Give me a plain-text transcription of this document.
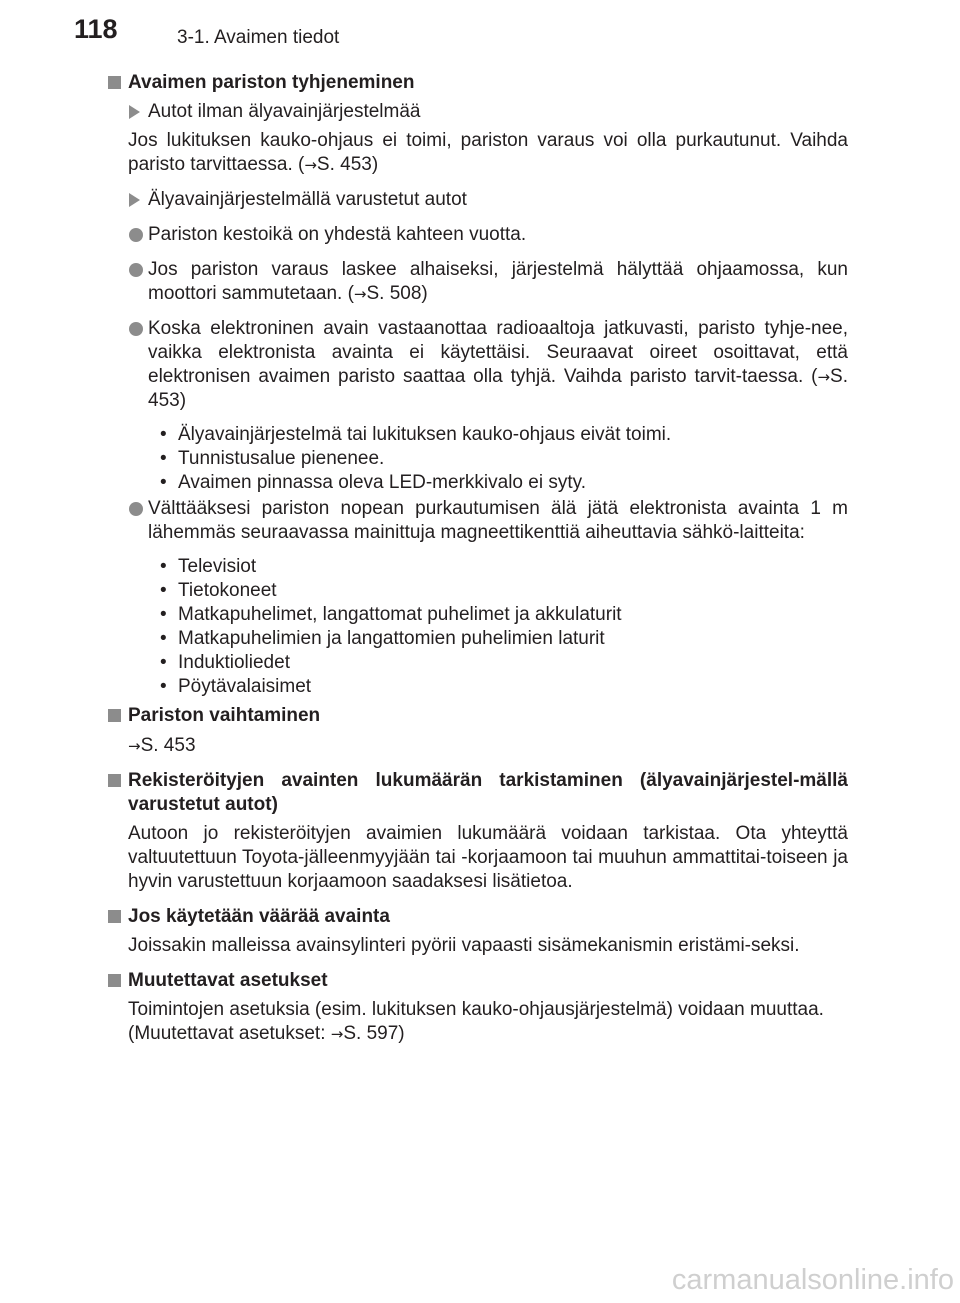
118	3-1. Avaimen tiedot
Avaimen pariston tyhjeneminen
Autot ilman älyavainjärjestelmää
Jos lukituksen kauko-ohjaus ei toimi, pariston varaus voi olla purkautunut. Vaihda paristo tarvittaessa. (→S. 453)
Älyavainjärjestelmällä varustetut autot
Pariston kestoikä on yhdestä kahteen vuotta.
Jos pariston varaus laskee alhaiseksi, järjestelmä hälyttää ohjaamossa, kun moottori sammutetaan. (→S. 508)
Koska elektroninen avain vastaanottaa radioaaltoja jatkuvasti, paristo tyhje-nee, vaikka elektronista avainta ei käytettäisi. Seuraavat oireet osoittavat, että elektronisen avaimen paristo saattaa olla tyhjä. Vaihda paristo tarvit-taessa. (→S. 453)
• Älyavainjärjestelmä tai lukituksen kauko-ohjaus eivät toimi.
• Tunnistusalue pienenee.
• Avaimen pinnassa oleva LED-merkkivalo ei syty.
Välttääksesi pariston nopean purkautumisen älä jätä elektronista avainta 1 m lähemmäs seuraavassa mainittuja magneettikenttiä aiheuttavia sähkö-laitteita:
• Televisiot
• Tietokoneet
• Matkapuhelimet, langattomat puhelimet ja akkulaturit
• Matkapuhelimien ja langattomien puhelimien laturit
• Induktioliedet
• Pöytävalaisimet
Pariston vaihtaminen
→S. 453
Rekisteröityjen avainten lukumäärän tarkistaminen (älyavainjärjestel-mällä varustetut autot)
Autoon jo rekisteröityjen avaimien lukumäärä voidaan tarkistaa. Ota yhteyttä valtuutettuun Toyota-jälleenmyyjään tai -korjaamoon tai muuhun ammattitai-toiseen ja hyvin varustettuun korjaamoon saadaksesi lisätietoa.
Jos käytetään väärää avainta
Joissakin malleissa avainsylinteri pyörii vapaasti sisämekanismin eristämi-seksi.
Muutettavat asetukset
Toimintojen asetuksia (esim. lukituksen kauko-ohjausjärjestelmä) voidaan muuttaa.
(Muutettavat asetukset: →S. 597)
carmanualsonline.info
